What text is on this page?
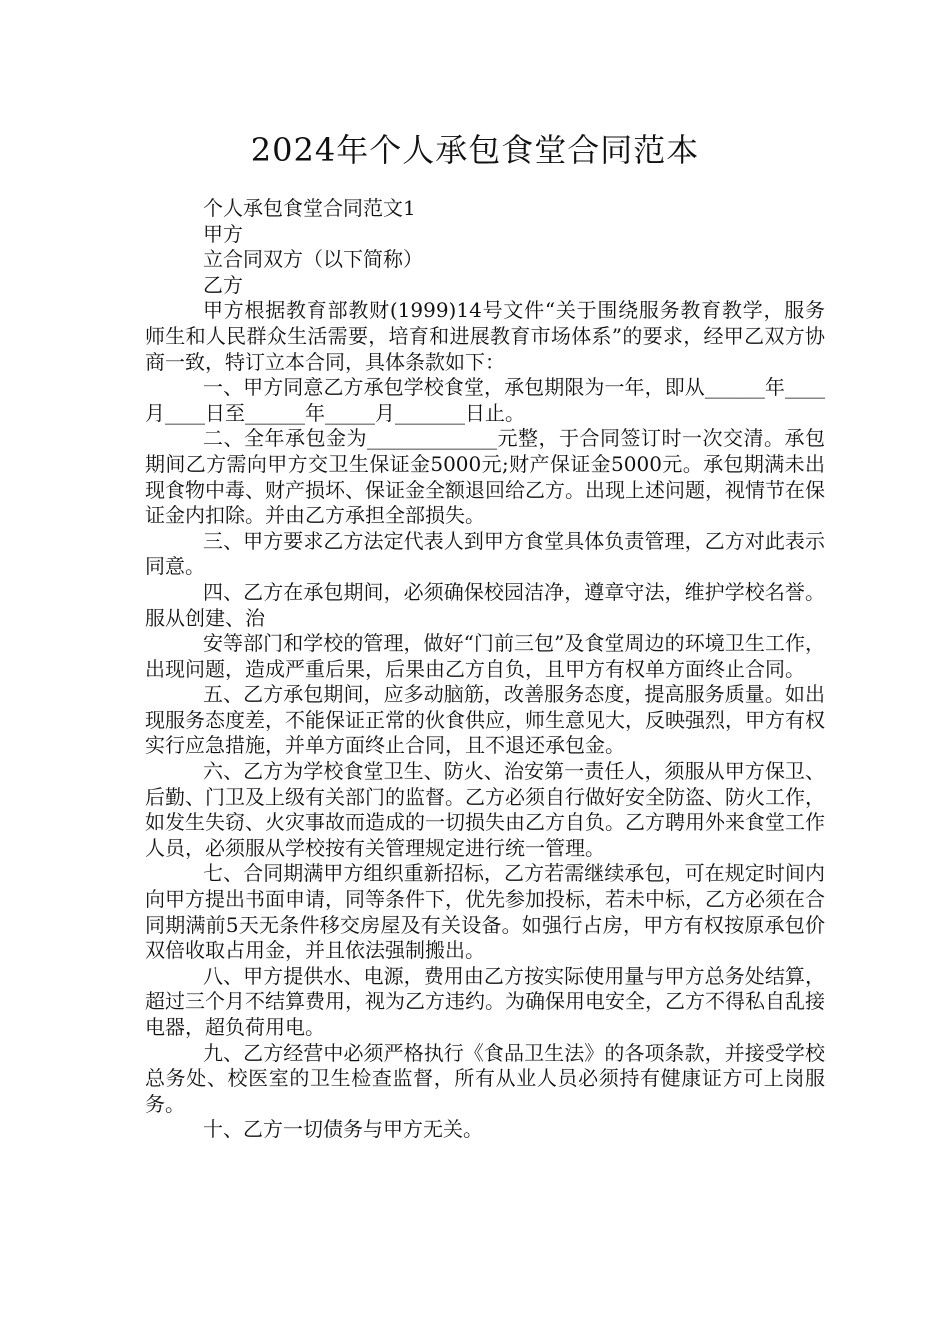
2024年个人承包食堂合同范本

个人承包食堂合同范文1

甲方

立合同双方（以下简称）

乙方

甲方根据教育部教财(1999)14号文件“关于围绕服务教育教学，服务师生和人民群众生活需要，培育和进展教育市场体系”的要求，经甲乙双方协商一致，特订立本合同，具体条款如下：

一、甲方同意乙方承包学校食堂，承包期限为一年，即从______年____月____日至______年_____月_______日止。

二、全年承包金为_____________元整，于合同签订时一次交清。承包期间乙方需向甲方交卫生保证金5000元;财产保证金5000元。承包期满未出现食物中毒、财产损坏、保证金全额退回给乙方。出现上述问题，视情节在保证金内扣除。并由乙方承担全部损失。

三、甲方要求乙方法定代表人到甲方食堂具体负责管理，乙方对此表示同意。

四、乙方在承包期间，必须确保校园洁净，遵章守法，维护学校名誉。服从创建、治

安等部门和学校的管理，做好“门前三包”及食堂周边的环境卫生工作，出现问题，造成严重后果，后果由乙方自负，且甲方有权单方面终止合同。

五、乙方承包期间，应多动脑筋，改善服务态度，提高服务质量。如出现服务态度差，不能保证正常的伙食供应，师生意见大，反映强烈，甲方有权实行应急措施，并单方面终止合同，且不退还承包金。

六、乙方为学校食堂卫生、防火、治安第一责任人，须服从甲方保卫、后勤、门卫及上级有关部门的监督。乙方必须自行做好安全防盗、防火工作，如发生失窃、火灾事故而造成的一切损失由乙方自负。乙方聘用外来食堂工作人员，必须服从学校按有关管理规定进行统一管理。

七、合同期满甲方组织重新招标，乙方若需继续承包，可在规定时间内向甲方提出书面申请，同等条件下，优先参加投标，若未中标，乙方必须在合同期满前5天无条件移交房屋及有关设备。如强行占房，甲方有权按原承包价双倍收取占用金，并且依法强制搬出。

八、甲方提供水、电源，费用由乙方按实际使用量与甲方总务处结算，超过三个月不结算费用，视为乙方违约。为确保用电安全，乙方不得私自乱接电器，超负荷用电。

九、乙方经营中必须严格执行《食品卫生法》的各项条款，并接受学校总务处、校医室的卫生检查监督，所有从业人员必须持有健康证方可上岗服务。

十、乙方一切债务与甲方无关。
